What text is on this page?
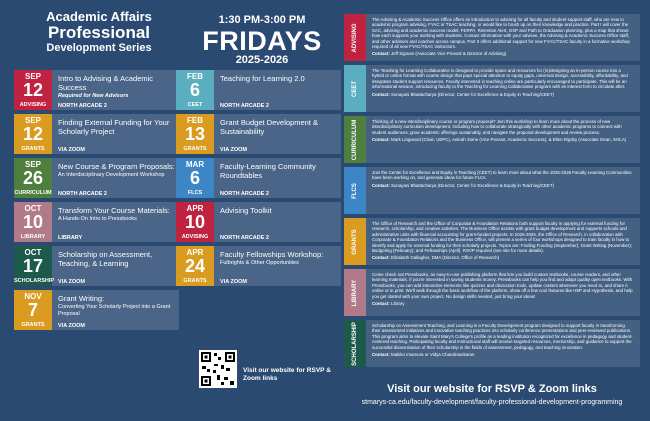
Academic Affairs
Professional
Development Series
1:30 PM-3:00 PM
FRIDAYS
2025-2026
SEP
12
ADVISING
Intro to Advising & Academic Success
Required for New Advisors
NORTH ARCADE 2
SEP
12
GRANTS
Finding External Funding for Your Scholarly Project
VIA ZOOM
SEP
26
CURRICULUM
New Course & Program Proposals:
An Interdisciplinary Development Workshop
NORTH ARCADE 2
OCT
10
LIBRARY
Transform Your Course Materials:
A Hands-On Intro to Pressbooks
LIBRARY
OCT
17
SCHOLARSHIP
Scholarship on Assessment, Teaching, & Learning
VIA ZOOM
NOV
7
GRANTS
Grant Writing:
Converting Your Scholarly Project into a Grant Proposal
VIA ZOOM
FEB
6
CEET
Teaching for Learning 2.0
NORTH ARCADE 2
FEB
13
GRANTS
Grant Budget Development & Sustainability
VIA ZOOM
MAR
6
FLCS
Faculty-Learning Community Roundtables
NORTH ARCADE 2
APR
10
ADVISING
Advising Toolkit
NORTH ARCADE 2
APR
24
GRANTS
Faculty Fellowships Workshop:
Fulbrights & Other Opportunities
VIA ZOOM
Visit our website for RSVP & Zoom links
ADVISING
The Advising & Academic Success Office offers an introduction to advising for all faculty and student support staff, who are new to academic program advising, FYAC or TSAC teaching, or would like to brush up on their knowledge and practice. Part I will cover the SAC, advising and academic success model, FERPA, Retention Alert, GXP and Path to Graduation planning, plus a map that shows how each supports your working with students. Contact information with your advisee, the Advising & Academic Success Office staff, and other advisors and coaches across campus. Part II offers additional support for new FYAC/TSAC faculty in a formative workshop required of all new FYAC/TSAC instructors.
Contact: Jeff Sigman (Associate Vice Provost & Director of Advising)
CEET
The Teaching for Learning Collaborative is designed to provide space and resources for (re)designing an in-person course into a hybrid or online format with course design that pays special attention to equity gaps, universal design, accessibility, affordability, and integrates student support resources. Faculty interested in teaching online are particularly encouraged to participate. This will be an informational session, introducing faculty to the Teaching for Learning Collaborative program with an interest form to circulate after.
Contact: Sunayani Bhattacharya (Director, Center for Excellence & Equity in Teaching/CEET)
CURRICULUM	Thinking of a new interdisciplinary course or program proposal? Join this workshop to learn more about the process of new interdisciplinary curriculum development, including how to collaborate strategically with other academic programs to connect with student audiences, grow academic offerings sustainably, and navigate the proposal development and review process.
Contact: Mark Lingwood (Chair, UEPC), Aeleah Soine (Vice Provost, Academic Success), & Ellen Rigsby (Associate Dean, SOLA)
FLCS
Join the Center for Excellence and Equity in Teaching (CEET) to learn more about what the 2025-2026 Faculty Learning Communities have been working on, and generate ideas for future FLCs.
Contact: Sunayani Bhattacharya (Director, Center for Excellence & Equity in Teaching/CEET)
GRANTS
The Office of Research and the Office of Corporate & Foundation Relations both support faculty in applying for external funding for research, scholarship, and creative activities. The Business Office assists with grant budget development and supports schools and administrative units with financial accounting for grant-funded projects. In 2025-2026, the Office of Research, in collaboration with Corporate & Foundation Relations and the Business Office, will present a series of four workshops designed to train faculty in how to identify and apply for external funding for their scholarly projects. Topics are: Finding Funding (September); Grant Writing (November); Budgeting (February); and Fellowships (April). RSVP required (see site for more details).
Contact: Elizabeth Gallagher, DMA (Director, Office of Research)
LIBRARY
Come check out Pressbooks, an easy-to-use publishing platform that lets you build custom textbooks, course readers, and other learning materials. If you're interested in saving students money, Pressbooks can help you find and adapt quality open textbooks. With Pressbooks, you can add interactive elements like quizzes and discussion tools, update content whenever you need to, and share it online or in print. We'll walk through the basic workflow of the platform, show off a few cool features like H5P and Hypothesis, and help you get started with your own project. No design skills needed, just bring your ideas!
Contact: Library
SCHOLARSHIP	Scholarship on Assessment Teaching, and Learning is a Faculty Development program designed to support faculty in transforming their assessment initiatives and innovative teaching practices into scholarly conference presentations and peer-reviewed publications. This program aims to elevate Saint Mary's College's profile as a leading institution recognized for excellence in pedagogy and student-centered teaching. Participating faculty and instructional staff will receive targeted resources, mentorship, and guidance to support the successful dissemination of their scholarship in the fields of assessment, pedagogy, and teaching innovation.
Contact: Makiko Imamura or Vidya Chandrasekaran
Visit our website for RSVP & Zoom links
stmarys-ca.edu/faculty-development/faculty-professional-development-programming
